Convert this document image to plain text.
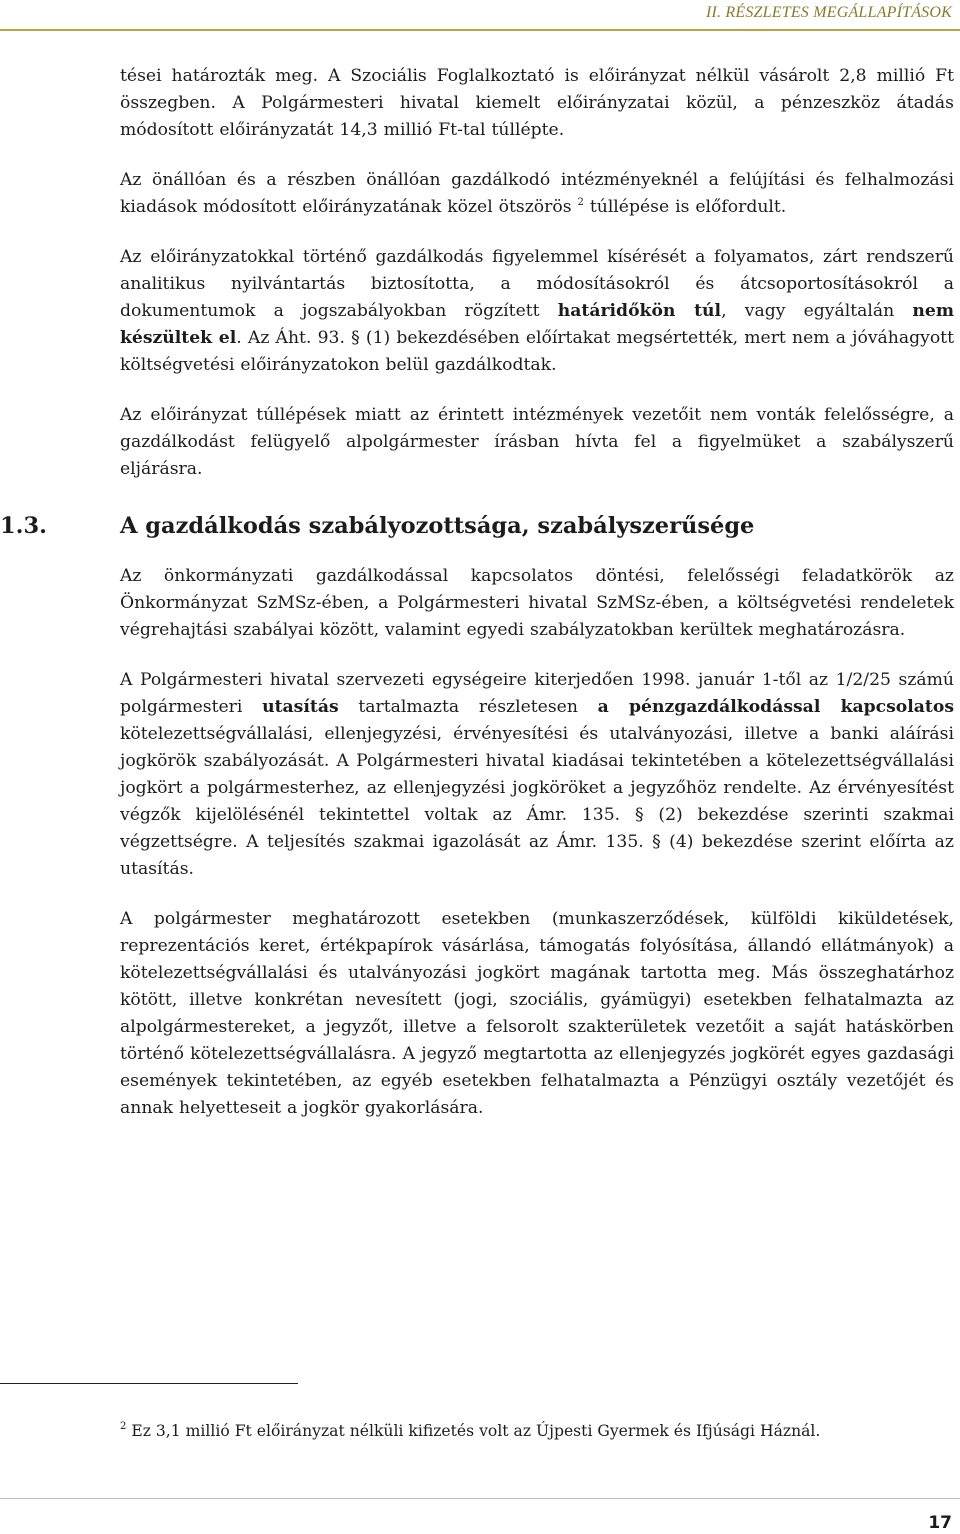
II. RÉSZLETES MEGÁLLAPÍTÁSOK

tései határozták meg. A Szociális Foglalkoztató is előirányzat nélkül vásárolt 2,8 millió Ft összegben. A Polgármesteri hivatal kiemelt előirányzatai közül, a pénzeszköz átadás módosított előirányzatát 14,3 millió Ft-tal túllépte.

Az önállóan és a részben önállóan gazdálkodó intézményeknél a felújítási és felhalmozási kiadások módosított előirányzatának közel ötszörös $^2$ túllépése is előfordult.

Az előirányzatokkal történő gazdálkodás figyelemmel kísérését a folyamatos, zárt rendszerű analitikus nyilvántartás biztosította, a módosításokról és átcsoportosításokról a dokumentumok a jogszabályokban rögzített határidőkön túl, vagy egyáltalán nem készültek el. Az Áht. 93. § (1) bekezdésében előírtakat megsértették, mert nem a jóváhagyott költségvetési előirányzatokon belül gazdálkodtak.

Az előirányzat túllépések miatt az érintett intézmények vezetőit nem vonták felelősségre, a gazdálkodást felügyelő alpolgármester írásban hívta fel a figyelmüket a szabályszerű eljárásra.

1.3.	A gazdálkodás szabályozottsága, szabályszerűsége

Az önkormányzati gazdálkodással kapcsolatos döntési, felelősségi feladatkörök az Önkormányzat SzMSz-ében, a Polgármesteri hivatal SzMSz-ében, a költségvetési rendeletek végrehajtási szabályai között, valamint egyedi szabályzatokban kerültek meghatározásra.

A Polgármesteri hivatal szervezeti egységeire kiterjedően 1998. január 1-től az 1/2/25 számú polgármesteri utasítás tartalmazta részletesen a pénzgazdálkodással kapcsolatos kötelezettségvállalási, ellenjegyzési, érvényesítési és utalványozási, illetve a banki aláírási jogkörök szabályozását. A Polgármesteri hivatal kiadásai tekintetében a kötelezettségvállalási jogkört a polgármesterhez, az ellenjegyzési jogköröket a jegyzőhöz rendelte. Az érvényesítést végzők kijelölésénél tekintettel voltak az Ámr. 135. § (2) bekezdése szerinti szakmai végzettségre. A teljesítés szakmai igazolását az Ámr. 135. § (4) bekezdése szerint előírta az utasítás.

A polgármester meghatározott esetekben (munkaszerződések, külföldi kiküldetések, reprezentációs keret, értékpapírok vásárlása, támogatás folyósítása, állandó ellátmányok) a kötelezettségvállalási és utalványozási jogkört magának tartotta meg. Más összeghatárhoz kötött, illetve konkrétan nevesített (jogi, szociális, gyámügyi) esetekben felhatalmazta az alpolgármestereket, a jegyzőt, illetve a felsorolt szakterületek vezetőit a saját hatáskörben történő kötelezettségvállalásra. A jegyző megtartotta az ellenjegyzés jogkörét egyes gazdasági események tekintetében, az egyéb esetekben felhatalmazta a Pénzügyi osztály vezetőjét és annak helyetteseit a jogkör gyakorlására.

$^2$ Ez 3,1 millió Ft előirányzat nélküli kifizetés volt az Újpesti Gyermek és Ifjúsági Háznál.
17
